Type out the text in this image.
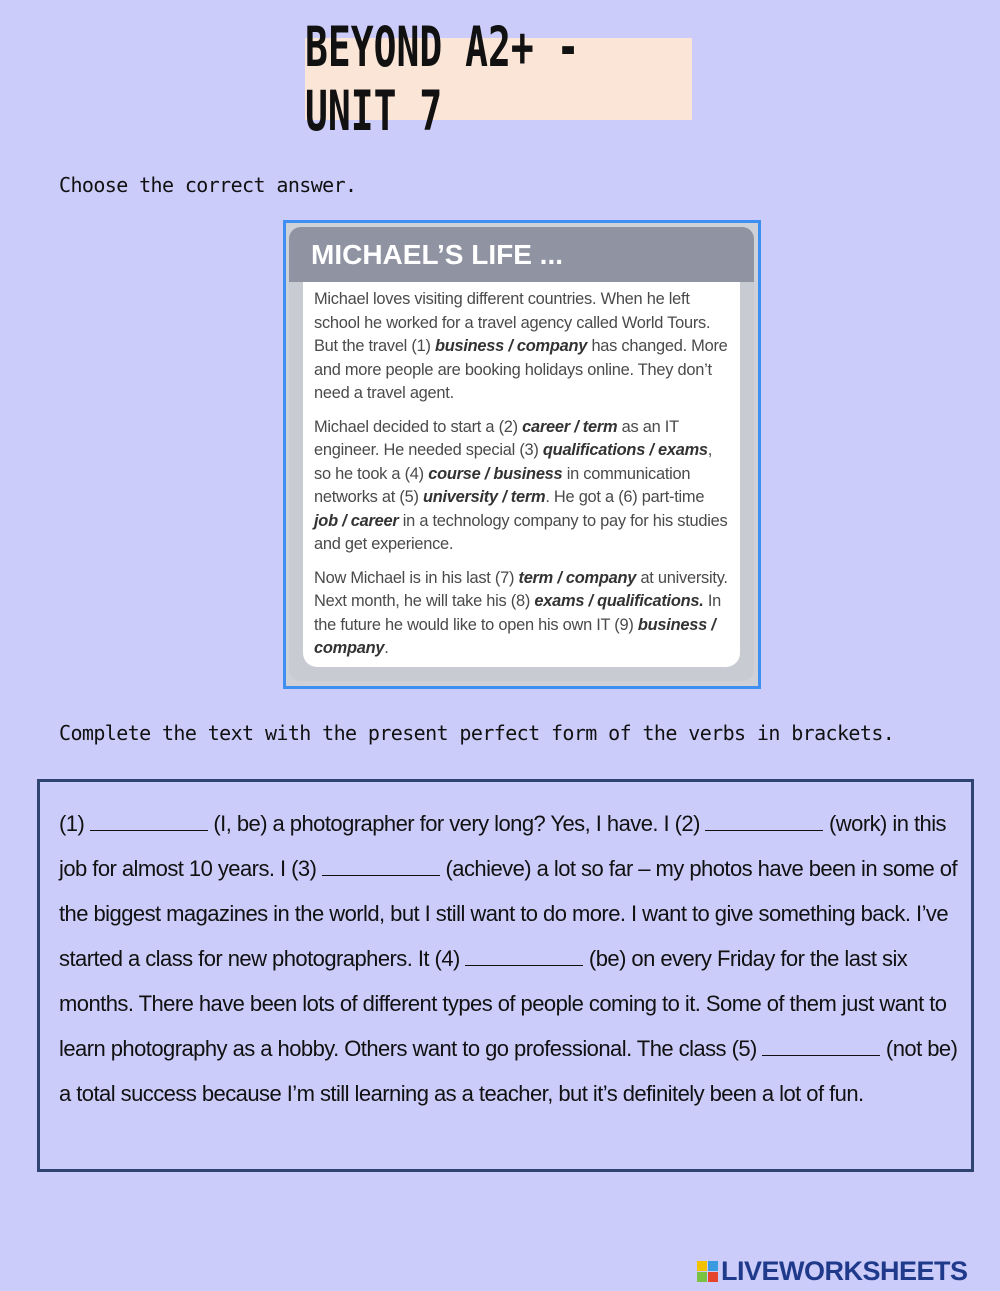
BEYOND A2+ - UNIT 7
Choose the correct answer.
MICHAEL’S LIFE ...

Michael loves visiting different countries. When he left school he worked for a travel agency called World Tours. But the travel (1) business / company has changed. More and more people are booking holidays online. They don’t need a travel agent.

Michael decided to start a (2) career / term as an IT engineer. He needed special (3) qualifications / exams, so he took a (4) course / business in communication networks at (5) university / term. He got a (6) part-time job / career in a technology company to pay for his studies and get experience.

Now Michael is in his last (7) term / company at university. Next month, he will take his (8) exams / qualifications. In the future he would like to open his own IT (9) business / company.

Complete the text with the present perfect form of the verbs in brackets.
(1)	(I, be) a photographer for very long? Yes, I have. I (2)	(work) in this job for almost 10 years. I (3)	(achieve) a lot so far – my photos have been in some of the biggest magazines in the world, but I still want to do more. I want to give something back. I’ve started a class for new photographers. It (4)	(be) on every Friday for the last six months. There have been lots of different types of people coming to it. Some of them just want to learn photography as a hobby. Others want to go professional. The class (5)	(not be) a total success because I’m still learning as a teacher, but it’s definitely been a lot of fun.
LIVEWORKSHEETS
